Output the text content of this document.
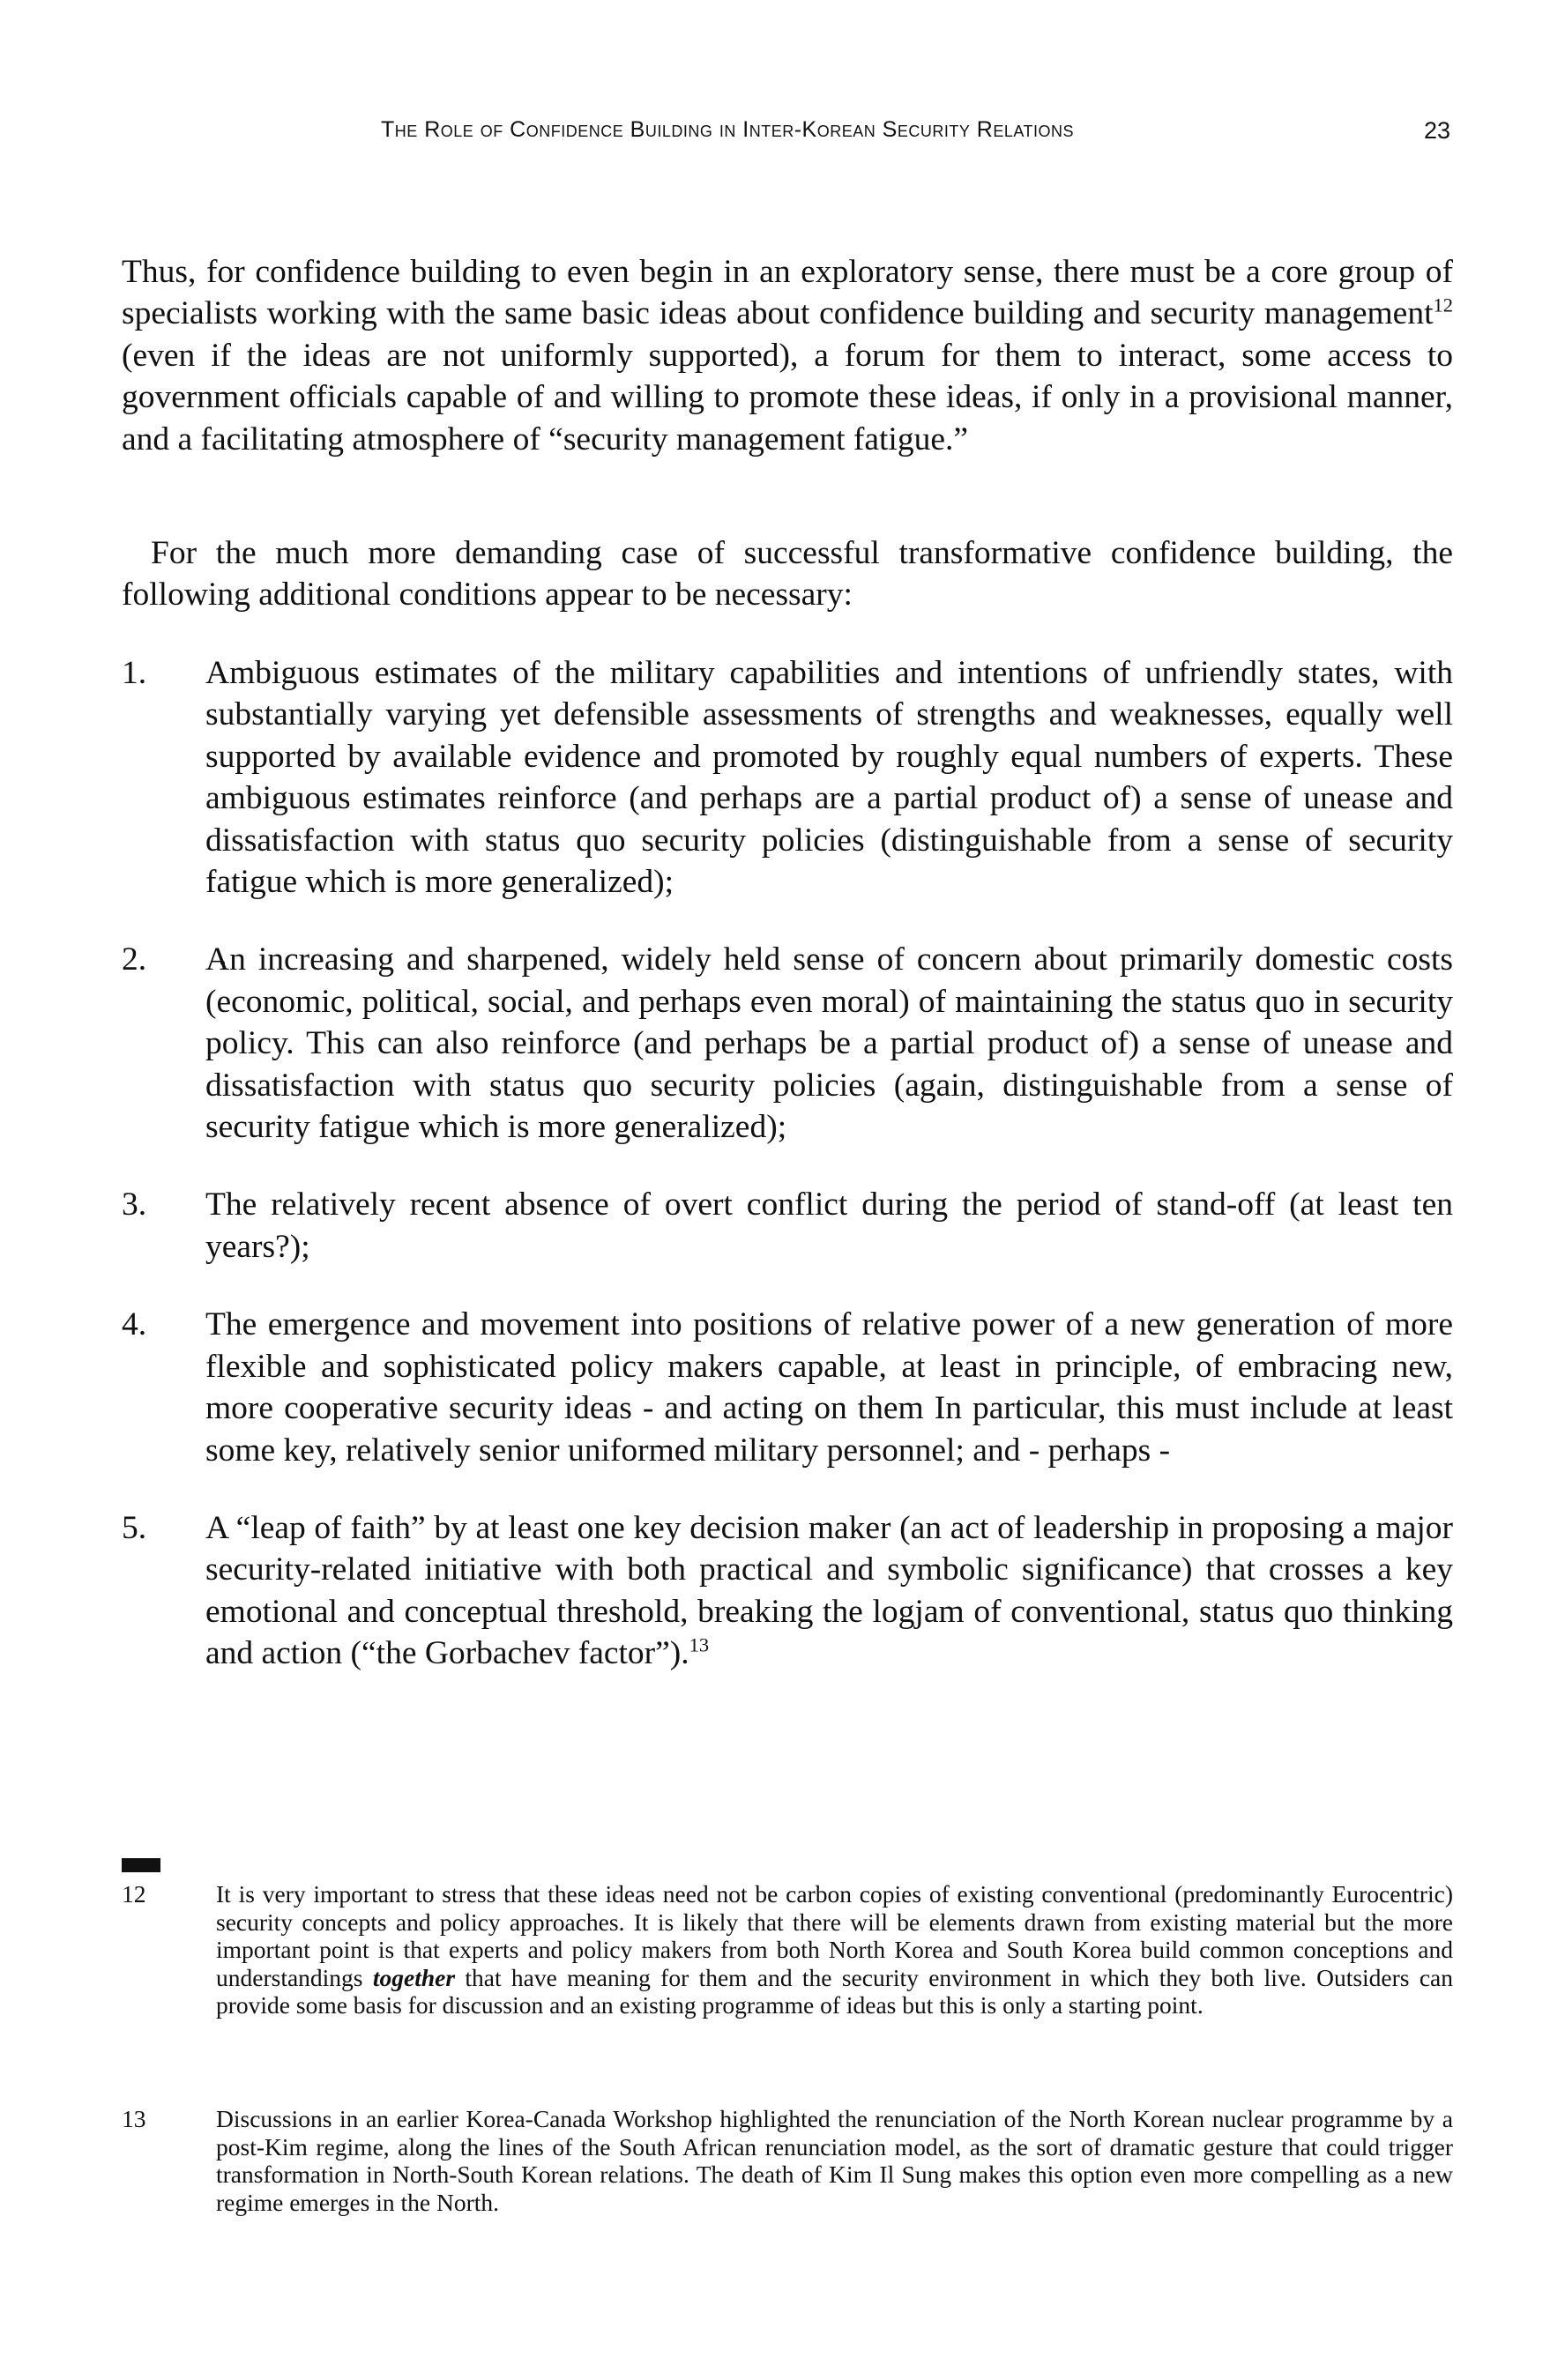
The Role of Confidence Building in Inter-Korean Security Relations	23

Thus, for confidence building to even begin in an exploratory sense, there must be a core group of specialists working with the same basic ideas about confidence building and security management$^{12}$ (even if the ideas are not uniformly supported), a forum for them to interact, some access to government officials capable of and willing to promote these ideas, if only in a provisional manner, and a facilitating atmosphere of “security management fatigue.”

For the much more demanding case of successful transformative confidence building, the following additional conditions appear to be necessary:

1.	Ambiguous estimates of the military capabilities and intentions of unfriendly states, with substantially varying yet defensible assessments of strengths and weaknesses, equally well supported by available evidence and promoted by roughly equal numbers of experts. These ambiguous estimates reinforce (and perhaps are a partial product of) a sense of unease and dissatisfaction with status quo security policies (distinguishable from a sense of security fatigue which is more generalized);
2.	An increasing and sharpened, widely held sense of concern about primarily domestic costs (economic, political, social, and perhaps even moral) of maintaining the status quo in security policy. This can also reinforce (and perhaps be a partial product of) a sense of unease and dissatisfaction with status quo security policies (again, distinguishable from a sense of security fatigue which is more generalized);
3.	The relatively recent absence of overt conflict during the period of stand-off (at least ten years?);
4.	The emergence and movement into positions of relative power of a new generation of more flexible and sophisticated policy makers capable, at least in principle, of embracing new, more cooperative security ideas - and acting on them In particular, this must include at least some key, relatively senior uniformed military personnel; and - perhaps -
5.	A “leap of faith” by at least one key decision maker (an act of leadership in proposing a major security-related initiative with both practical and symbolic significance) that crosses a key emotional and conceptual threshold, breaking the logjam of conventional, status quo thinking and action (“the Gorbachev factor”).$^{13}$
12	It is very important to stress that these ideas need not be carbon copies of existing conventional (predominantly Eurocentric) security concepts and policy approaches. It is likely that there will be elements drawn from existing material but the more important point is that experts and policy makers from both North Korea and South Korea build common conceptions and understandings together that have meaning for them and the security environment in which they both live. Outsiders can provide some basis for discussion and an existing programme of ideas but this is only a starting point.
13	Discussions in an earlier Korea-Canada Workshop highlighted the renunciation of the North Korean nuclear programme by a post-Kim regime, along the lines of the South African renunciation model, as the sort of dramatic gesture that could trigger transformation in North-South Korean relations. The death of Kim Il Sung makes this option even more compelling as a new regime emerges in the North.
